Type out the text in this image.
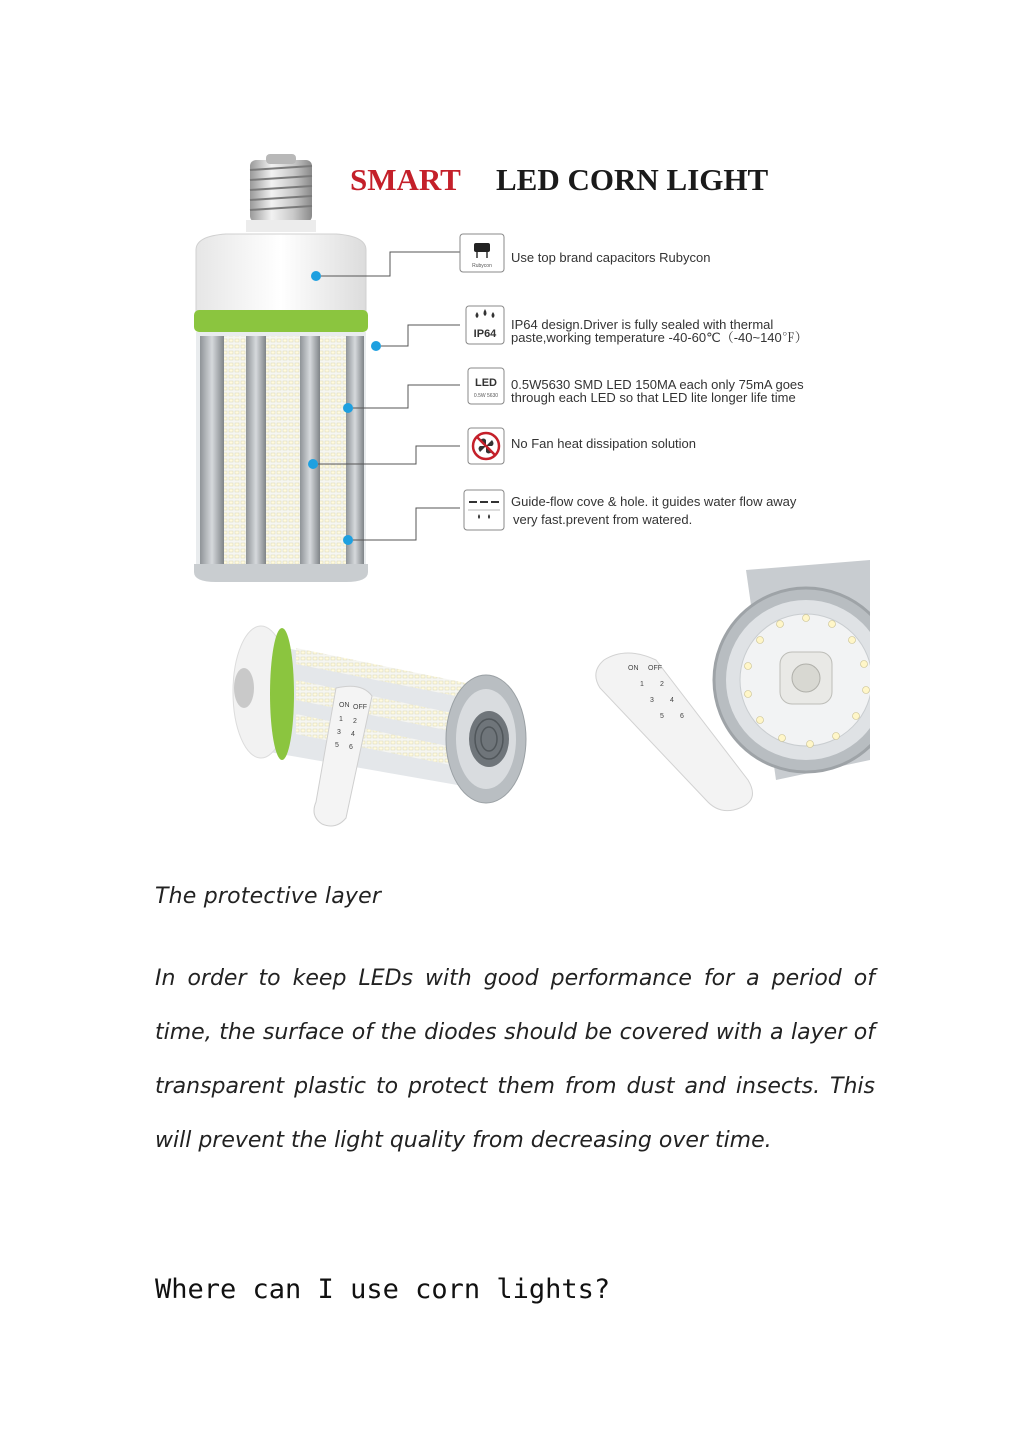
SMART LED CORN LIGHT
Rubycon
Use top brand capacitors Rubycon
IP64
IP64 design.Driver is fully sealed with thermal
paste,working temperature -40-60℃（-40~140℉）
LED
0.5W 5630
0.5W5630 SMD LED 150MA each only 75mA goes
through each LED so that LED lite longer life time
No Fan heat dissipation solution
Guide-flow cove & hole. it guides water flow away
very fast.prevent from watered.
ON OFF
1 2
3 4
5 6
ON OFF
1 2
3 4
5 6
The protective layer

In order to keep LEDs with good performance for a period of time, the surface of the diodes should be covered with a layer of transparent plastic to protect them from dust and insects. This will prevent the light quality from decreasing over time.

Where can I use corn lights?
